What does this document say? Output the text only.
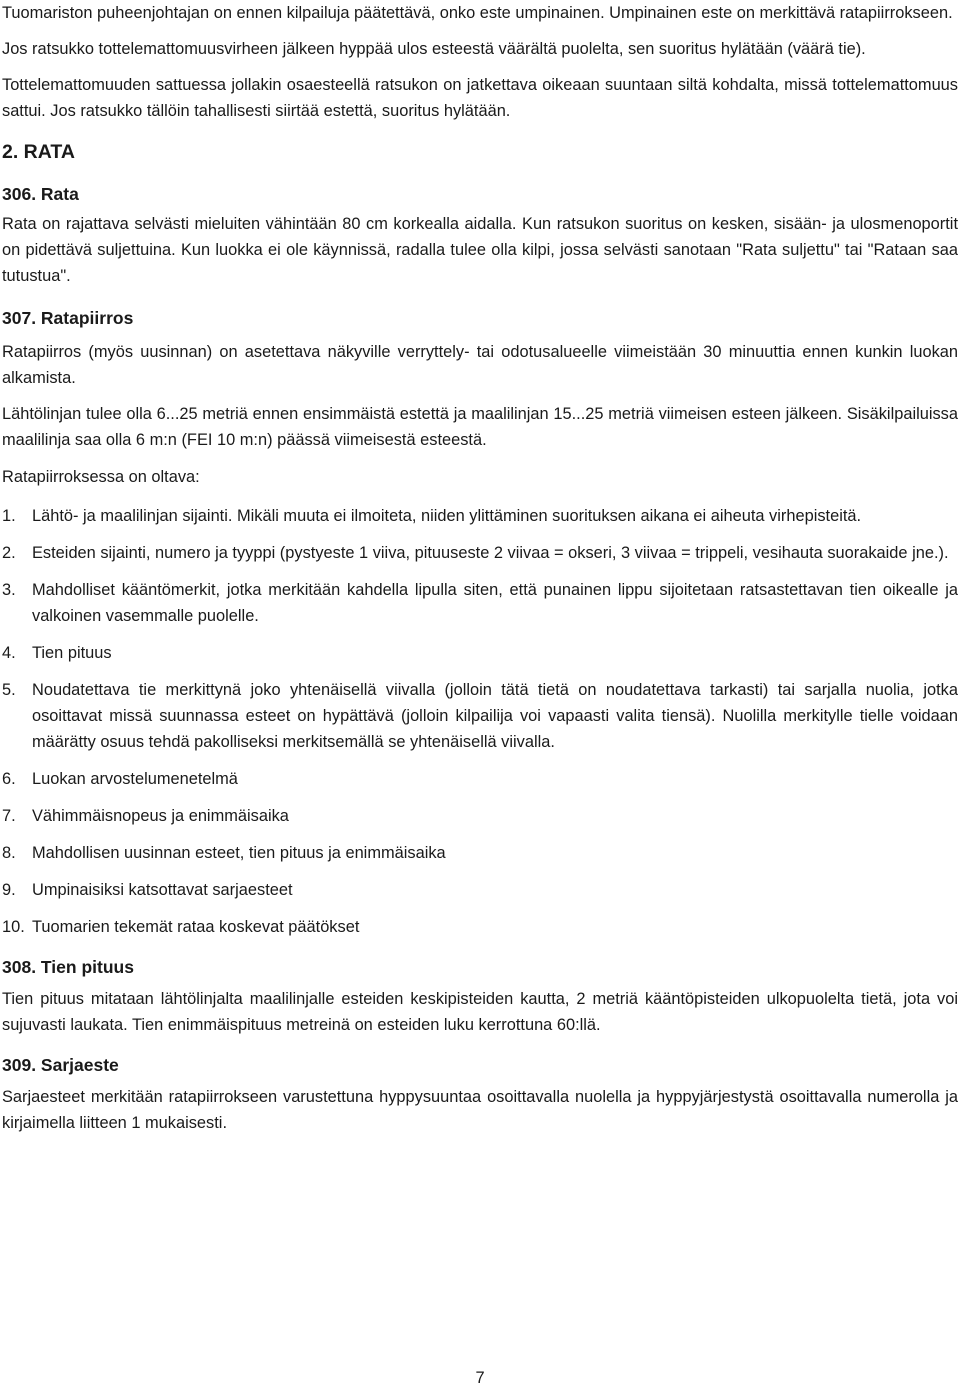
Tuomariston puheenjohtajan on ennen kilpailuja päätettävä, onko este umpinainen. Umpinainen este on merkittävä ratapiirrokseen.

Jos ratsukko tottelemattomuusvirheen jälkeen hyppää ulos esteestä väärältä puolelta, sen suoritus hylätään (väärä tie).

Tottelemattomuuden sattuessa jollakin osaesteellä ratsukon on jatkettava oikeaan suuntaan siltä kohdalta, missä tottelemattomuus sattui. Jos ratsukko tällöin tahallisesti siirtää estettä, suoritus hylätään.

2. RATA
306. Rata

Rata on rajattava selvästi mieluiten vähintään 80 cm korkealla aidalla. Kun ratsukon suoritus on kesken, sisään- ja ulosmenoportit on pidettävä suljettuina. Kun luokka ei ole käynnissä, radalla tulee olla kilpi, jossa selvästi sanotaan "Rata suljettu" tai "Rataan saa tutustua".

307. Ratapiirros

Ratapiirros (myös uusinnan) on asetettava näkyville verryttely- tai odotusalueelle viimeistään 30 minuuttia ennen kunkin luokan alkamista.

Lähtölinjan tulee olla 6...25 metriä ennen ensimmäistä estettä ja maalilinjan 15...25 metriä viimeisen esteen jälkeen. Sisäkilpailuissa maalilinja saa olla 6 m:n (FEI 10 m:n) päässä viimeisestä esteestä.

Ratapiirroksessa on oltava:

1. Lähtö- ja maalilinjan sijainti. Mikäli muuta ei ilmoiteta, niiden ylittäminen suorituksen aikana ei aiheuta virhepisteitä.
2. Esteiden sijainti, numero ja tyyppi (pystyeste 1 viiva, pituuseste 2 viivaa = okseri, 3 viivaa = trippeli, vesihauta suorakaide jne.).
3. Mahdolliset kääntömerkit, jotka merkitään kahdella lipulla siten, että punainen lippu sijoitetaan ratsastettavan tien oikealle ja valkoinen vasemmalle puolelle.
4. Tien pituus
5. Noudatettava tie merkittynä joko yhtenäisellä viivalla (jolloin tätä tietä on noudatettava tarkasti) tai sarjalla nuolia, jotka osoittavat missä suunnassa esteet on hypättävä (jolloin kilpailija voi vapaasti valita tiensä). Nuolilla merkitylle tielle voidaan määrätty osuus tehdä pakolliseksi merkitsemällä se yhtenäisellä viivalla.
6. Luokan arvostelumenetelmä
7. Vähimmäisnopeus ja enimmäisaika
8. Mahdollisen uusinnan esteet, tien pituus ja enimmäisaika
9. Umpinaisiksi katsottavat sarjaesteet
10. Tuomarien tekemät rataa koskevat päätökset
308. Tien pituus

Tien pituus mitataan lähtölinjalta maalilinjalle esteiden keskipisteiden kautta, 2 metriä kääntöpisteiden ulkopuolelta tietä, jota voi sujuvasti laukata. Tien enimmäispituus metreinä on esteiden luku kerrottuna 60:llä.

309. Sarjaeste

Sarjaesteet merkitään ratapiirrokseen varustettuna hyppysuuntaa osoittavalla nuolella ja hyppyjärjestystä osoittavalla numerolla ja kirjaimella liitteen 1 mukaisesti.

7
